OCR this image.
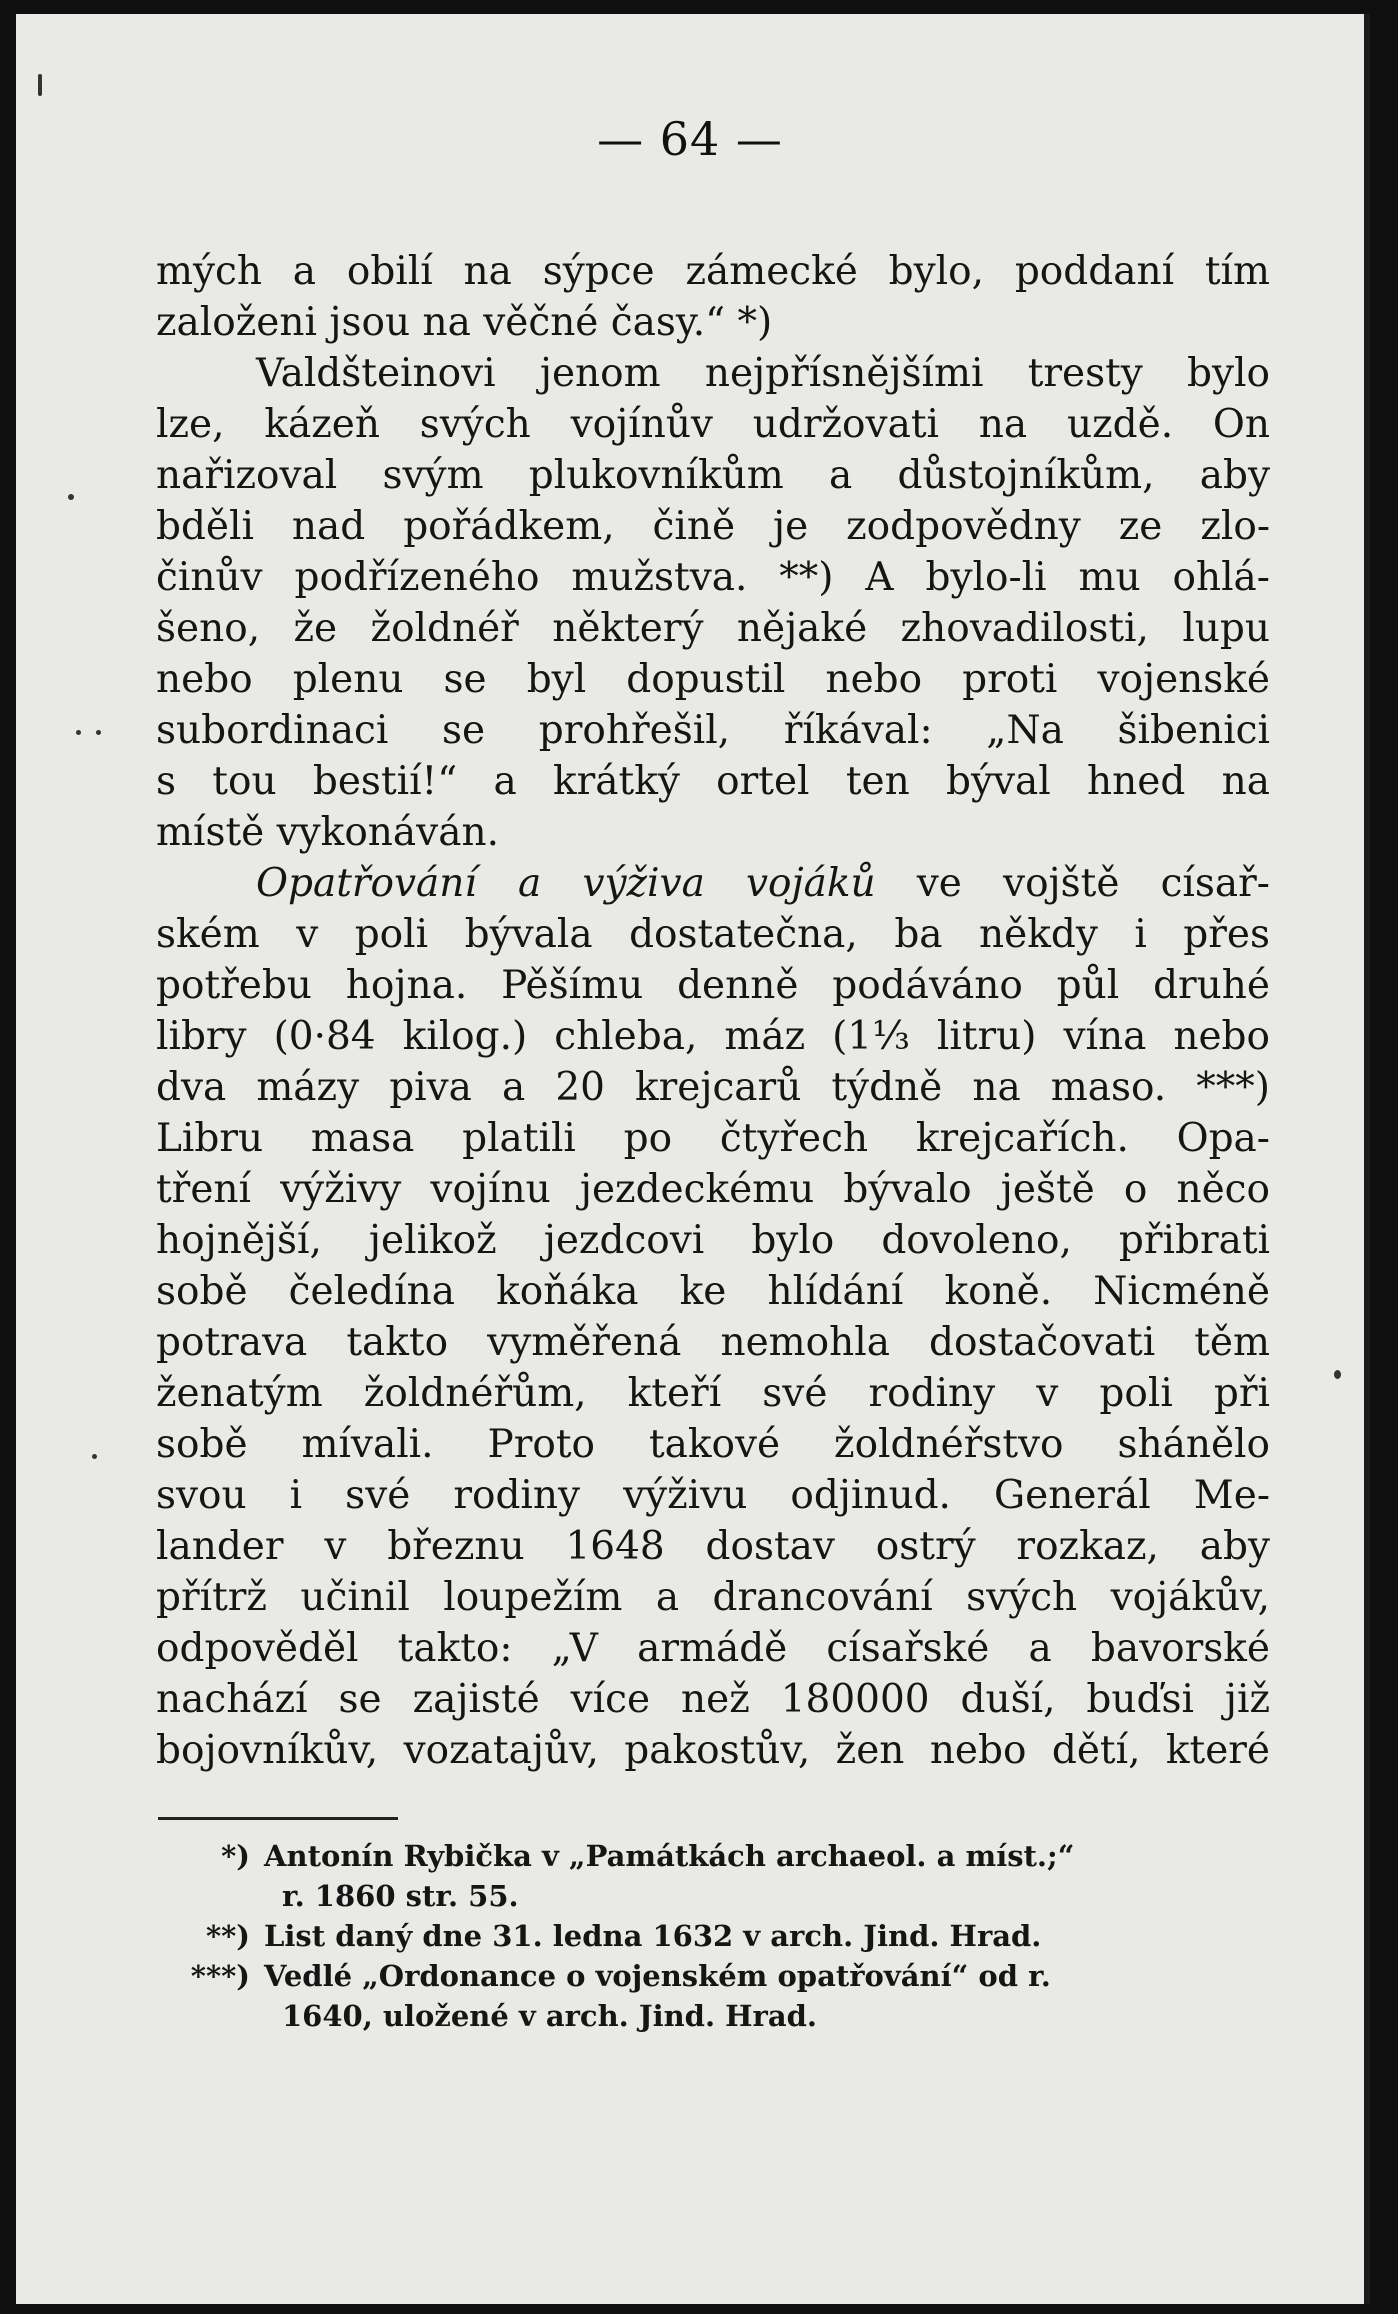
— 64 —
mých a obilí na sýpce zámecké bylo, poddaní tím
založeni jsou na věčné časy.“ *)
Valdšteinovi jenom nejpřísnějšími tresty bylo
lze, kázeň svých vojínův udržovati na uzdě. On
nařizoval svým plukovníkům a důstojníkům, aby
bděli nad pořádkem, čině je zodpovědny ze zlo-
činův podřízeného mužstva. **) A bylo-li mu ohlá-
šeno, že žoldnéř některý nějaké zhovadilosti, lupu
nebo plenu se byl dopustil nebo proti vojenské
subordinaci se prohřešil, říkával: „Na šibenici
s tou bestií!“ a krátký ortel ten býval hned na
místě vykonáván.
Opatřování a výživa vojáků ve vojště císař-
ském v poli bývala dostatečna, ba někdy i přes
potřebu hojna. Pěšímu denně podáváno půl druhé
libry (0·84 kilog.) chleba, máz (1⅓ litru) vína nebo
dva mázy piva a 20 krejcarů týdně na maso. ***)
Libru masa platili po čtyřech krejcařích. Opa-
tření výživy vojínu jezdeckému bývalo ještě o něco
hojnější, jelikož jezdcovi bylo dovoleno, přibrati
sobě čeledína koňáka ke hlídání koně. Nicméně
potrava takto vyměřená nemohla dostačovati těm
ženatým žoldnéřům, kteří své rodiny v poli při
sobě mívali. Proto takové žoldnéřstvo shánělo
svou i své rodiny výživu odjinud. Generál Me-
lander v březnu 1648 dostav ostrý rozkaz, aby
přítrž učinil loupežím a drancování svých vojákův,
odpověděl takto: „V armádě císařské a bavorské
nachází se zajisté více než 180000 duší, buďsi již
bojovníkův, vozatajův, pakostův, žen nebo dětí, které
*) Antonín Rybička v „Památkách archaeol. a míst.;“
r. 1860 str. 55.
**) List daný dne 31. ledna 1632 v arch. Jind. Hrad.
***) Vedlé „Ordonance o vojenském opatřování“ od r.
1640, uložené v arch. Jind. Hrad.
